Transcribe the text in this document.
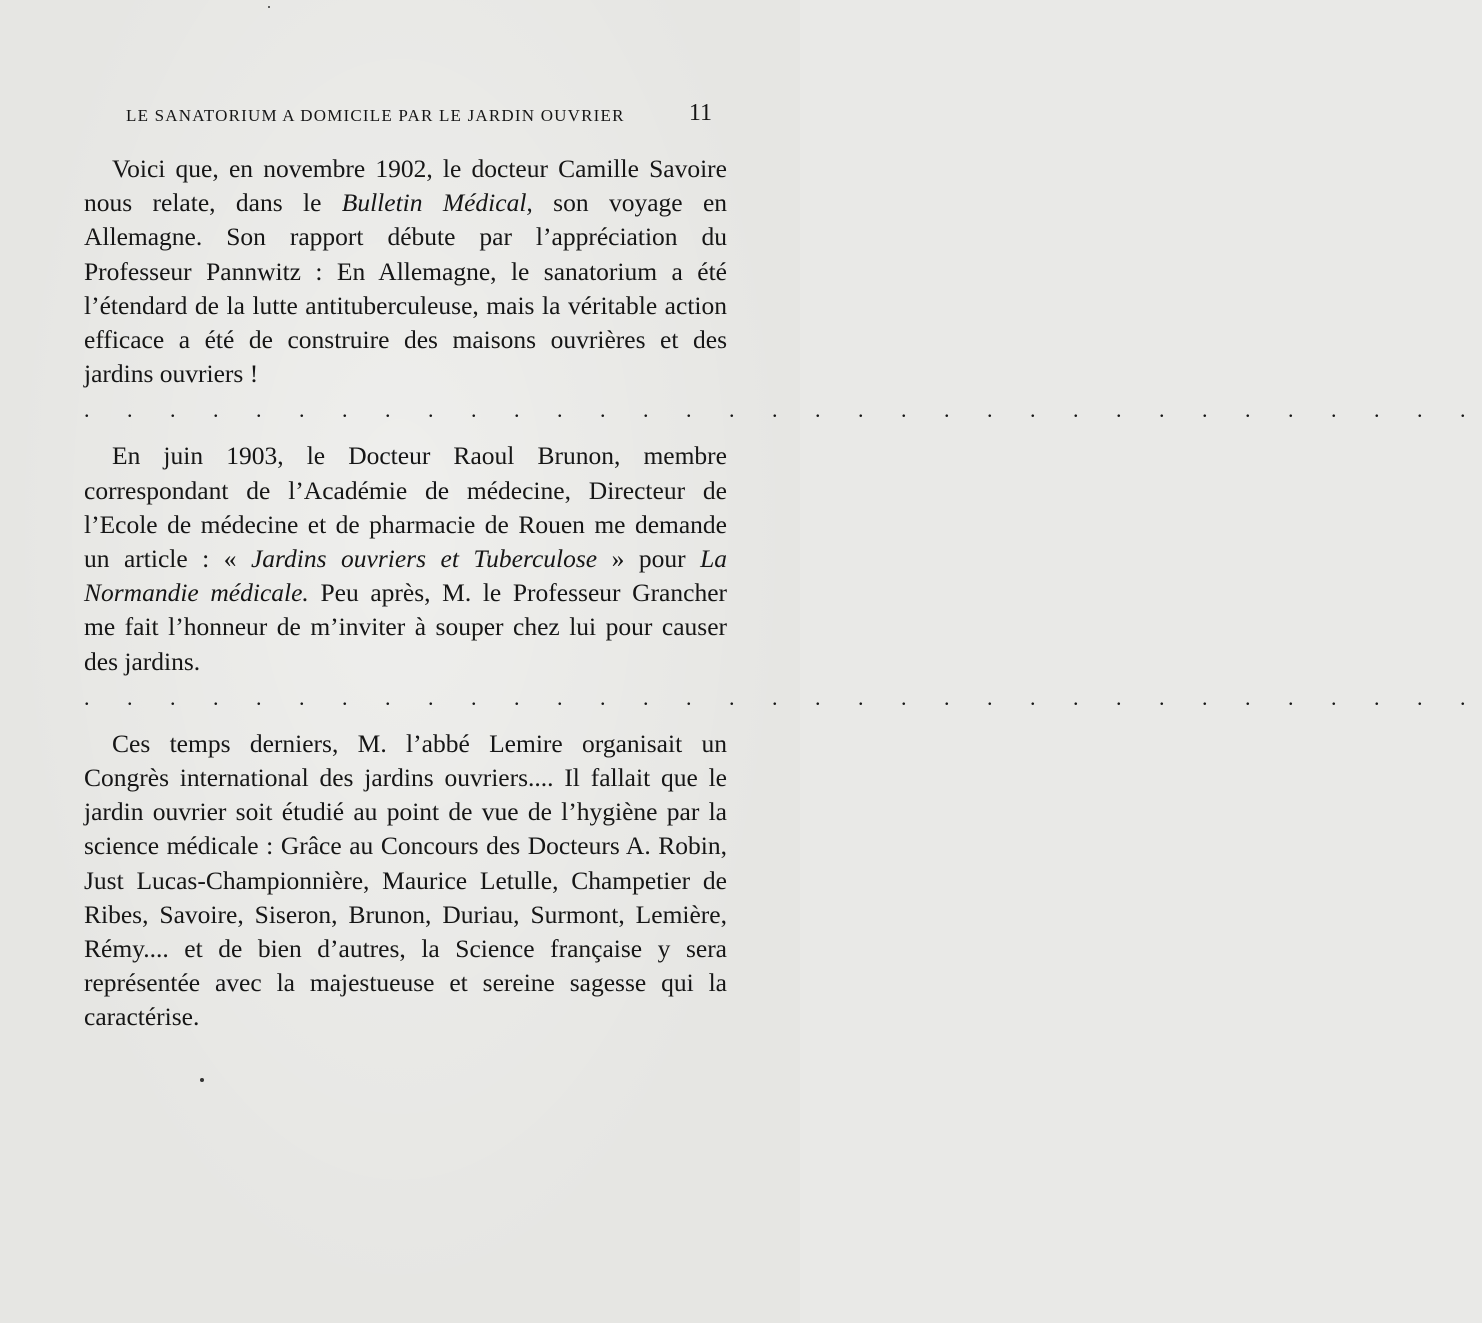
LE SANATORIUM A DOMICILE PAR LE JARDIN OUVRIER	11

Voici que, en novembre 1902, le docteur Camille Savoire nous relate, dans le Bulletin Médical, son voyage en Allemagne. Son rapport débute par l’appréciation du Professeur Pannwitz : En Allemagne, le sanatorium a été l’étendard de la lutte antituberculeuse, mais la véritable action efficace a été de construire des maisons ouvrières et des jardins ouvriers !

. . . . . . . . . . . . . . . . . . . . . . . . . . . . . . . . .

En juin 1903, le Docteur Raoul Brunon, membre correspondant de l’Académie de médecine, Directeur de l’Ecole de médecine et de pharmacie de Rouen me demande un article : « Jardins ouvriers et Tuberculose » pour La Normandie médicale. Peu après, M. le Professeur Grancher me fait l’honneur de m’inviter à souper chez lui pour causer des jardins.

. . . . . . . . . . . . . . . . . . . . . . . . . . . . . . . . .

Ces temps derniers, M. l’abbé Lemire organisait un Congrès international des jardins ouvriers.... Il fallait que le jardin ouvrier soit étudié au point de vue de l’hygiène par la science médicale : Grâce au Concours des Docteurs A. Robin, Just Lucas-Championnière, Maurice Letulle, Champetier de Ribes, Savoire, Siseron, Brunon, Duriau, Surmont, Lemière, Rémy.... et de bien d’autres, la Science française y sera représentée avec la majestueuse et sereine sagesse qui la caractérise.
